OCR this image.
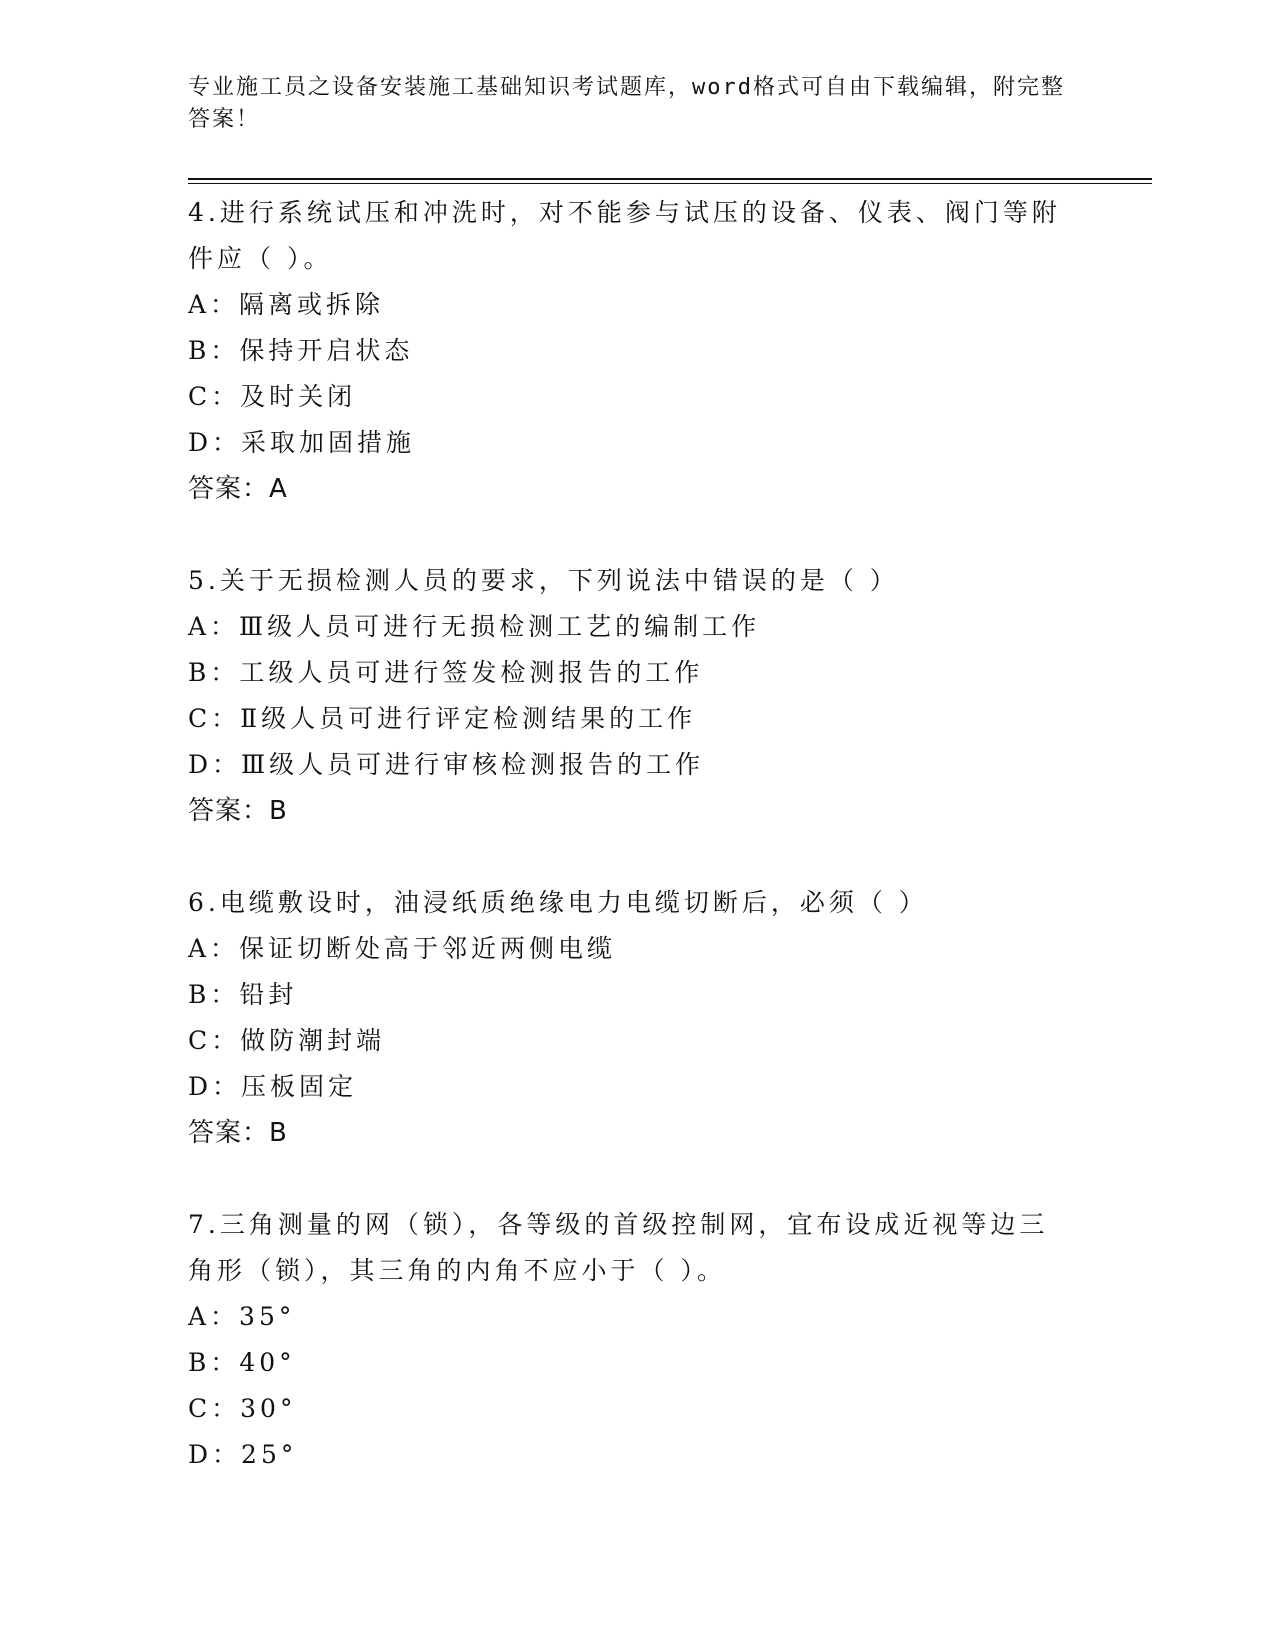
专业施工员之设备安装施工基础知识考试题库，word格式可自由下载编辑，附完整答案！
4.进行系统试压和冲洗时，对不能参与试压的设备、仪表、阀门等附件应（ ）。
A：隔离或拆除
B：保持开启状态
C：及时关闭
D：采取加固措施
答案：A
5.关于无损检测人员的要求，下列说法中错误的是（ ）
A：Ⅲ级人员可进行无损检测工艺的编制工作
B：工级人员可进行签发检测报告的工作
C：Ⅱ级人员可进行评定检测结果的工作
D：Ⅲ级人员可进行审核检测报告的工作
答案：B
6.电缆敷设时，油浸纸质绝缘电力电缆切断后，必须（ ）
A：保证切断处高于邻近两侧电缆
B：铅封
C：做防潮封端
D：压板固定
答案：B
7.三角测量的网（锁），各等级的首级控制网，宜布设成近视等边三角形（锁），其三角的内角不应小于（ ）。
A：35°
B：40°
C：30°
D：25°
